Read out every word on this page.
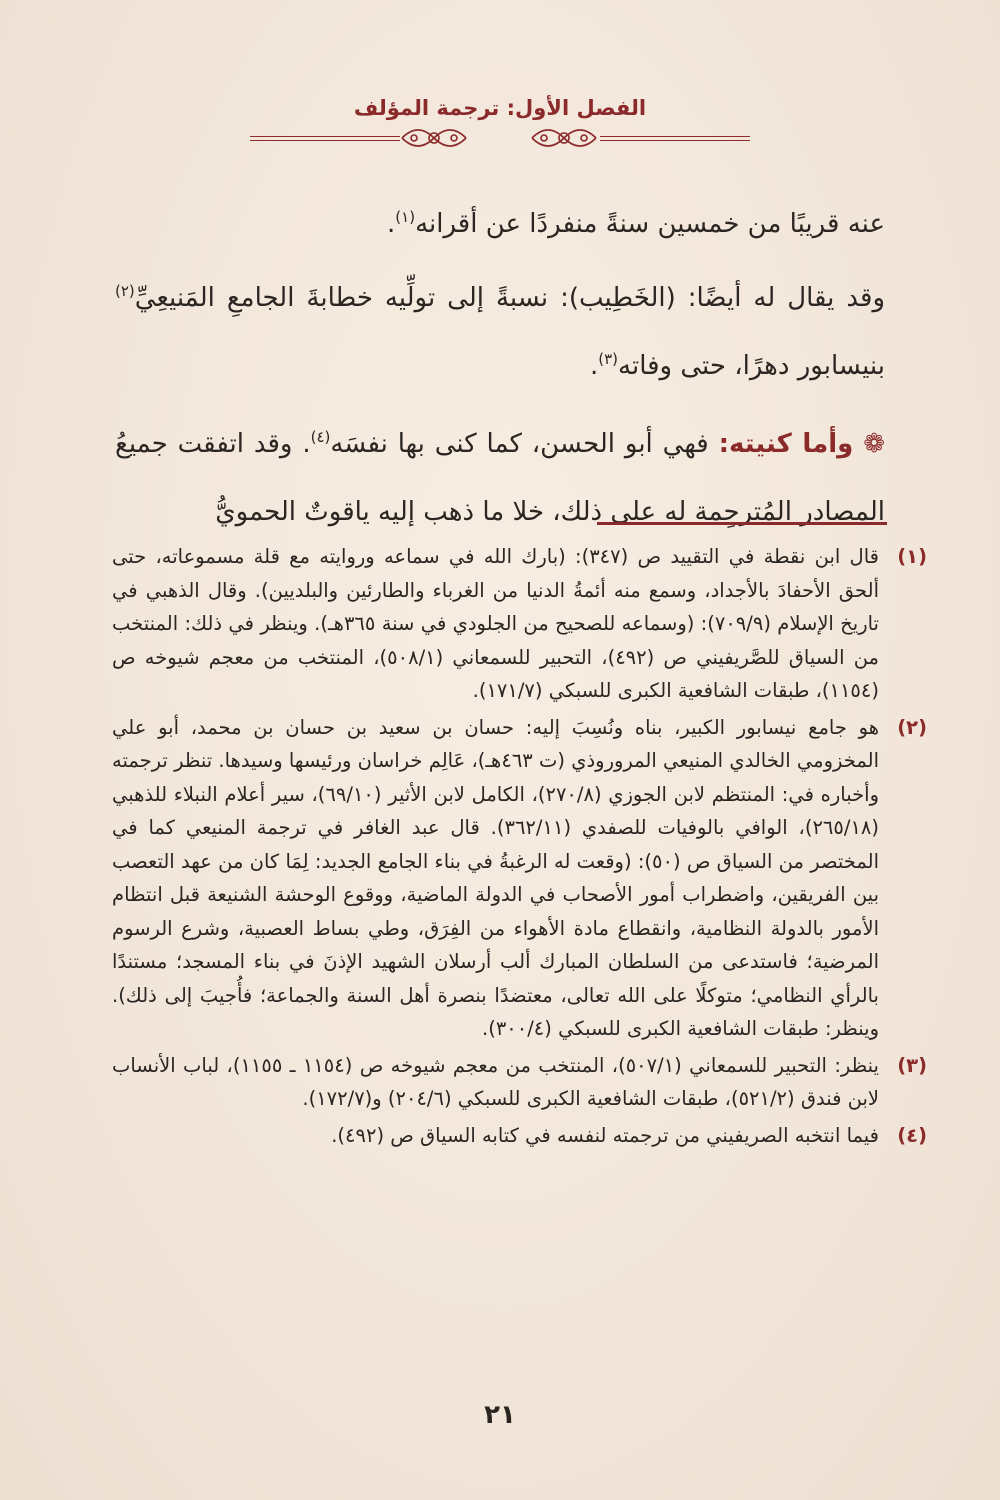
الفصل الأول: ترجمة المؤلف

عنه قريبًا من خمسين سنةً منفردًا عن أقرانه$^{(١)}$.

وقد يقال له أيضًا: (الخَطِيب): نسبةً إلى تولِّيه خطابةَ الجامعِ المَنيعِيِّ$^{(٢)}$ بنيسابور دهرًا، حتى وفاته$^{(٣)}$.

❁ وأما كنيته: فهي أبو الحسن، كما كنى بها نفسَه$^{(٤)}$. وقد اتفقت جميعُ المصادر المُترجِمة له على ذلك، خلا ما ذهب إليه ياقوتٌ الحمويُّ

(١)
قال ابن نقطة في التقييد ص (٣٤٧): (بارك الله في سماعه وروايته مع قلة مسموعاته، حتى ألحق الأحفادَ بالأجداد، وسمع منه أئمةُ الدنيا من الغرباء والطارئين والبلديين). وقال الذهبي في تاريخ الإسلام (٧٠٩/٩): (وسماعه للصحيح من الجلودي في سنة ٣٦٥هـ). وينظر في ذلك: المنتخب من السياق للصَّريفيني ص (٤٩٢)، التحبير للسمعاني (٥٠٨/١)، المنتخب من معجم شيوخه ص (١١٥٤)، طبقات الشافعية الكبرى للسبكي (١٧١/٧).
(٢)
هو جامع نيسابور الكبير، بناه ونُسِبَ إليه: حسان بن سعيد بن حسان بن محمد، أبو علي المخزومي الخالدي المنيعي المروروذي (ت ٤٦٣هـ)، عَالِم خراسان ورئيسها وسيدها. تنظر ترجمته وأخباره في: المنتظم لابن الجوزي (٢٧٠/٨)، الكامل لابن الأثير (٦٩/١٠)، سير أعلام النبلاء للذهبي (٢٦٥/١٨)، الوافي بالوفيات للصفدي (٣٦٢/١١). قال عبد الغافر في ترجمة المنيعي كما في المختصر من السياق ص (٥٠): (وقعت له الرغبةُ في بناء الجامع الجديد: لِمَا كان من عهد التعصب بين الفريقين، واضطراب أمور الأصحاب في الدولة الماضية، ووقوع الوحشة الشنيعة قبل انتظام الأمور بالدولة النظامية، وانقطاع مادة الأهواء من الفِرَق، وطي بساط العصبية، وشرع الرسوم المرضية؛ فاستدعى من السلطان المبارك ألب أرسلان الشهيد الإذنَ في بناء المسجد؛ مستندًا بالرأي النظامي؛ متوكلًا على الله تعالى، معتضدًا بنصرة أهل السنة والجماعة؛ فأُجيبَ إلى ذلك). وينظر: طبقات الشافعية الكبرى للسبكي (٣٠٠/٤).
(٣)
ينظر: التحبير للسمعاني (٥٠٧/١)، المنتخب من معجم شيوخه ص (١١٥٤ ـ ١١٥٥)، لباب الأنساب لابن فندق (٥٢١/٢)، طبقات الشافعية الكبرى للسبكي (٢٠٤/٦) و(١٧٢/٧).
(٤)
فيما انتخبه الصريفيني من ترجمته لنفسه في كتابه السياق ص (٤٩٢).
٢١
